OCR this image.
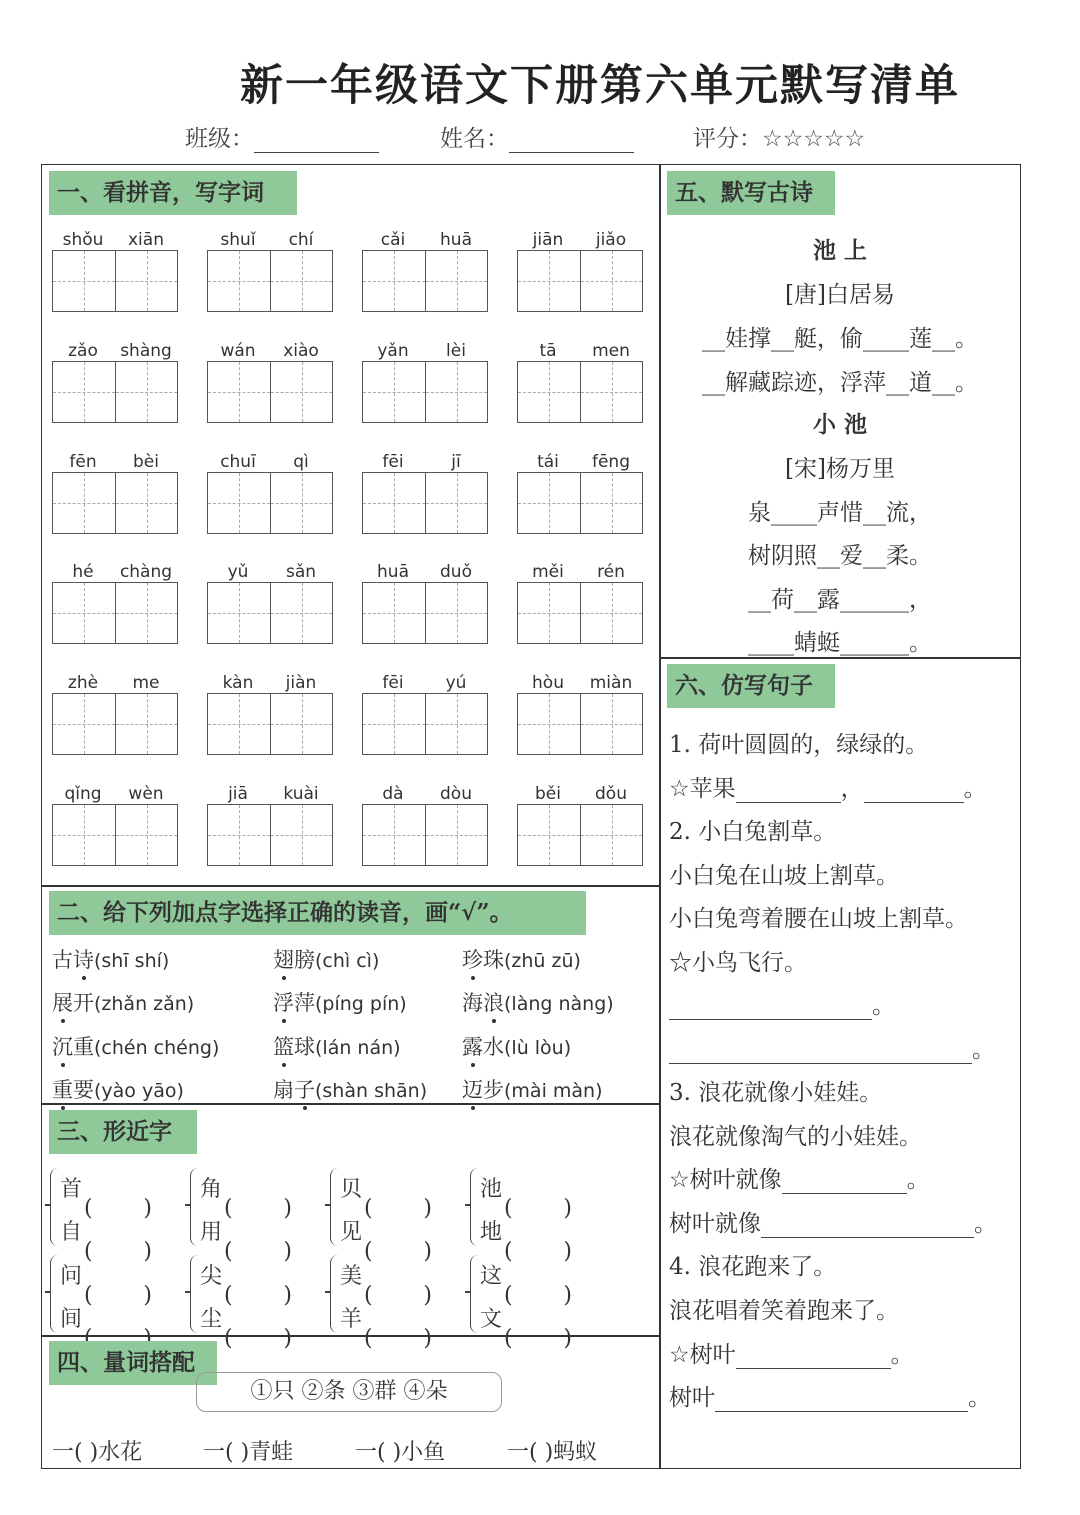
新一年级语文下册第六单元默写清单
班级：	姓名：	评分：☆☆☆☆☆
一、看拼音，写字词
shǒu	xiān	shuǐ	chí	cǎi	huā	jiān	jiǎo
zǎo	shàng	wán	xiào	yǎn	lèi	tā	men
fēn	bèi	chuī	qì	fēi	jī	tái	fēng
hé	chàng	yǔ	sǎn	huā	duǒ	měi	rén
zhè	me	kàn	jiàn	fēi	yú	hòu	miàn
qǐng	wèn	jiā	kuài	dà	dòu	běi	dǒu
二、给下列加点字选择正确的读音，画“√”。
古诗(shī shí)	翅膀(chì cì)	珍珠(zhū zū)
展开(zhǎn zǎn)	浮萍(píng pín)	海浪(làng nàng)
沉重(chén chéng)	篮球(lán nán)	露水(lù lòu)
重要(yào yāo)	扇子(shàn shān) 迈步(mài màn)
三、形近字
首
自
角
用
贝
见
池
地
问
间
尖
尘
美
羊
这
文
四、量词搭配
①只 ②条 ③群 ④朵
一( )水花	一( )青蛙	一( )小鱼	一( )蚂蚁
五、默写古诗
池 上
[唐]白居易
__娃撑__艇，偷____莲__。
__解藏踪迹，浮萍__道__。
小 池
[宋]杨万里
泉____声惜__流，
树阴照__爱__柔。
__荷__露______，
____蜻蜓______。
六、仿写句子
1. 荷叶圆圆的，绿绿的。
☆苹果	，	。
2. 小白兔割草。
小白兔在山坡上割草。
小白兔弯着腰在山坡上割草。
☆小鸟飞行。
。
。
3. 浪花就像小娃娃。
浪花就像淘气的小娃娃。
☆树叶就像	。
树叶就像	。
4. 浪花跑来了。
浪花唱着笑着跑来了。
☆树叶	。
树叶	。
